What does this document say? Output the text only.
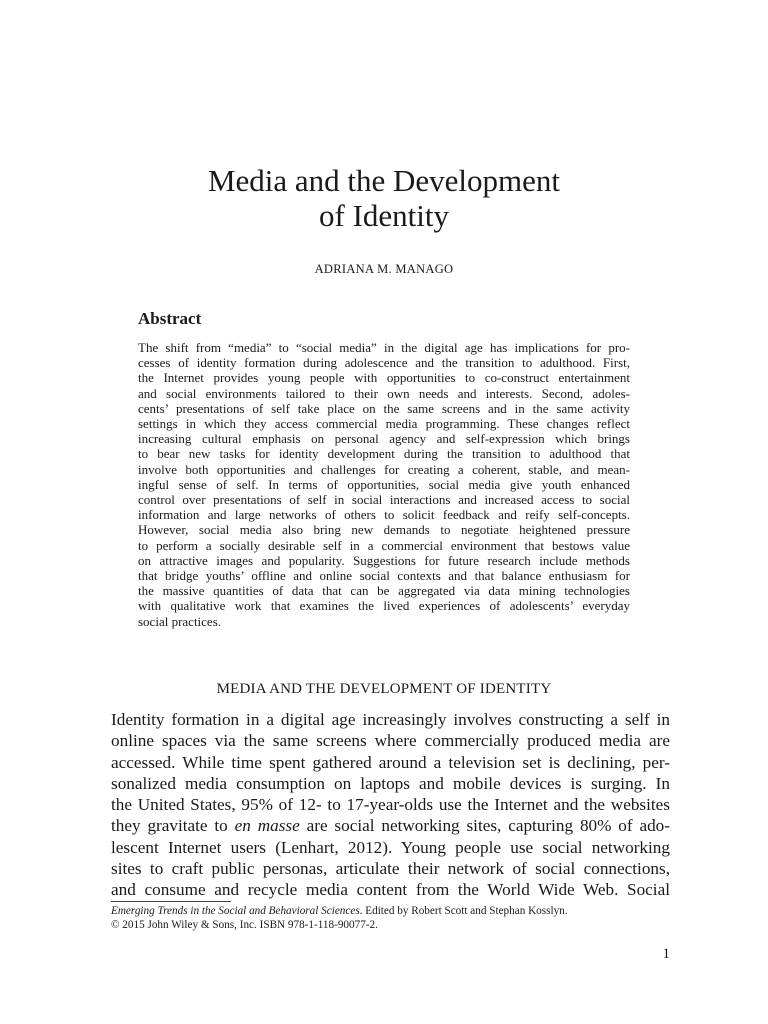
Media and the Development
of Identity
ADRIANA M. MANAGO
Abstract
The shift from “media” to “social media” in the digital age has implications for pro-
cesses of identity formation during adolescence and the transition to adulthood. First,
the Internet provides young people with opportunities to co-construct entertainment
and social environments tailored to their own needs and interests. Second, adoles-
cents’ presentations of self take place on the same screens and in the same activity
settings in which they access commercial media programming. These changes reflect
increasing cultural emphasis on personal agency and self-expression which brings
to bear new tasks for identity development during the transition to adulthood that
involve both opportunities and challenges for creating a coherent, stable, and mean-
ingful sense of self. In terms of opportunities, social media give youth enhanced
control over presentations of self in social interactions and increased access to social
information and large networks of others to solicit feedback and reify self-concepts.
However, social media also bring new demands to negotiate heightened pressure
to perform a socially desirable self in a commercial environment that bestows value
on attractive images and popularity. Suggestions for future research include methods
that bridge youths’ offline and online social contexts and that balance enthusiasm for
the massive quantities of data that can be aggregated via data mining technologies
with qualitative work that examines the lived experiences of adolescents’ everyday
social practices.
MEDIA AND THE DEVELOPMENT OF IDENTITY
Identity formation in a digital age increasingly involves constructing a self in
online spaces via the same screens where commercially produced media are
accessed. While time spent gathered around a television set is declining, per-
sonalized media consumption on laptops and mobile devices is surging. In
the United States, 95% of 12- to 17-year-olds use the Internet and the websites
they gravitate to en masse are social networking sites, capturing 80% of ado-
lescent Internet users (Lenhart, 2012). Young people use social networking
sites to craft public personas, articulate their network of social connections,
and consume and recycle media content from the World Wide Web. Social
Emerging Trends in the Social and Behavioral Sciences. Edited by Robert Scott and Stephan Kosslyn.
© 2015 John Wiley & Sons, Inc. ISBN 978-1-118-90077-2.
1
